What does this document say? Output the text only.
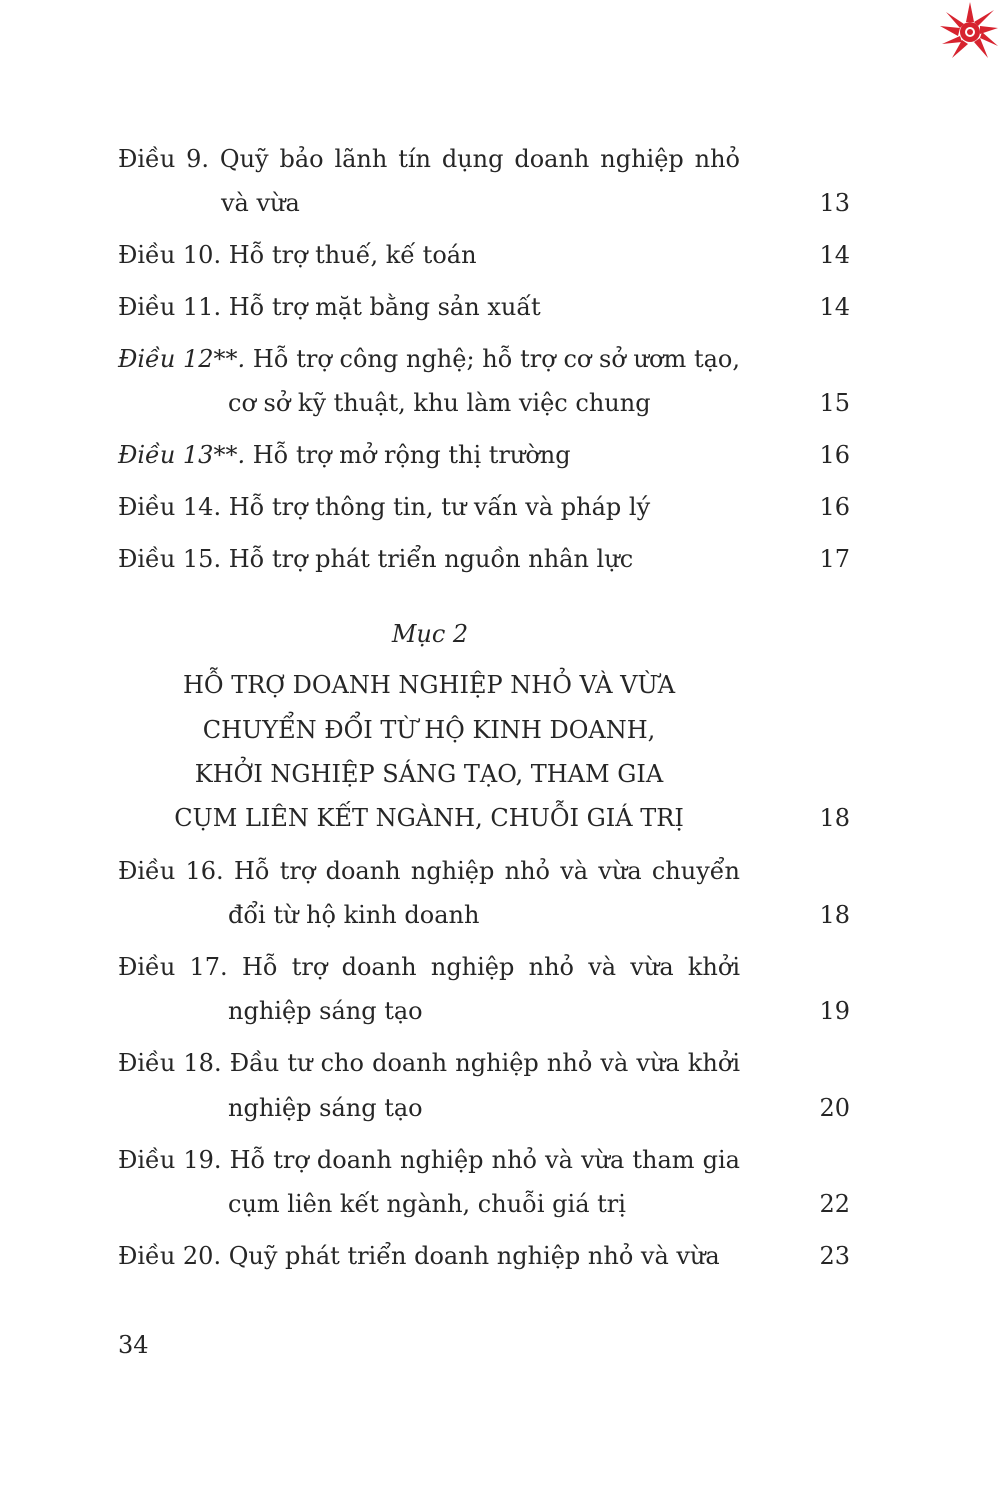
Điều 9. Quỹ bảo lãnh tín dụng doanh nghiệp nhỏ
và vừa	13
Điều 10. Hỗ trợ thuế, kế toán	14
Điều 11. Hỗ trợ mặt bằng sản xuất	14
Điều 12**. Hỗ trợ công nghệ; hỗ trợ cơ sở ươm tạo,
cơ sở kỹ thuật, khu làm việc chung	15
Điều 13**. Hỗ trợ mở rộng thị trường	16
Điều 14. Hỗ trợ thông tin, tư vấn và pháp lý	16
Điều 15. Hỗ trợ phát triển nguồn nhân lực	17
Mục 2
HỖ TRỢ DOANH NGHIỆP NHỎ VÀ VỪA
CHUYỂN ĐỔI TỪ HỘ KINH DOANH,
KHỞI NGHIỆP SÁNG TẠO, THAM GIA
CỤM LIÊN KẾT NGÀNH, CHUỖI GIÁ TRỊ	18
Điều 16. Hỗ trợ doanh nghiệp nhỏ và vừa chuyển
đổi từ hộ kinh doanh	18
Điều 17. Hỗ trợ doanh nghiệp nhỏ và vừa khởi
nghiệp sáng tạo	19
Điều 18. Đầu tư cho doanh nghiệp nhỏ và vừa khởi
nghiệp sáng tạo	20
Điều 19. Hỗ trợ doanh nghiệp nhỏ và vừa tham gia
cụm liên kết ngành, chuỗi giá trị	22
Điều 20. Quỹ phát triển doanh nghiệp nhỏ và vừa	23
34
